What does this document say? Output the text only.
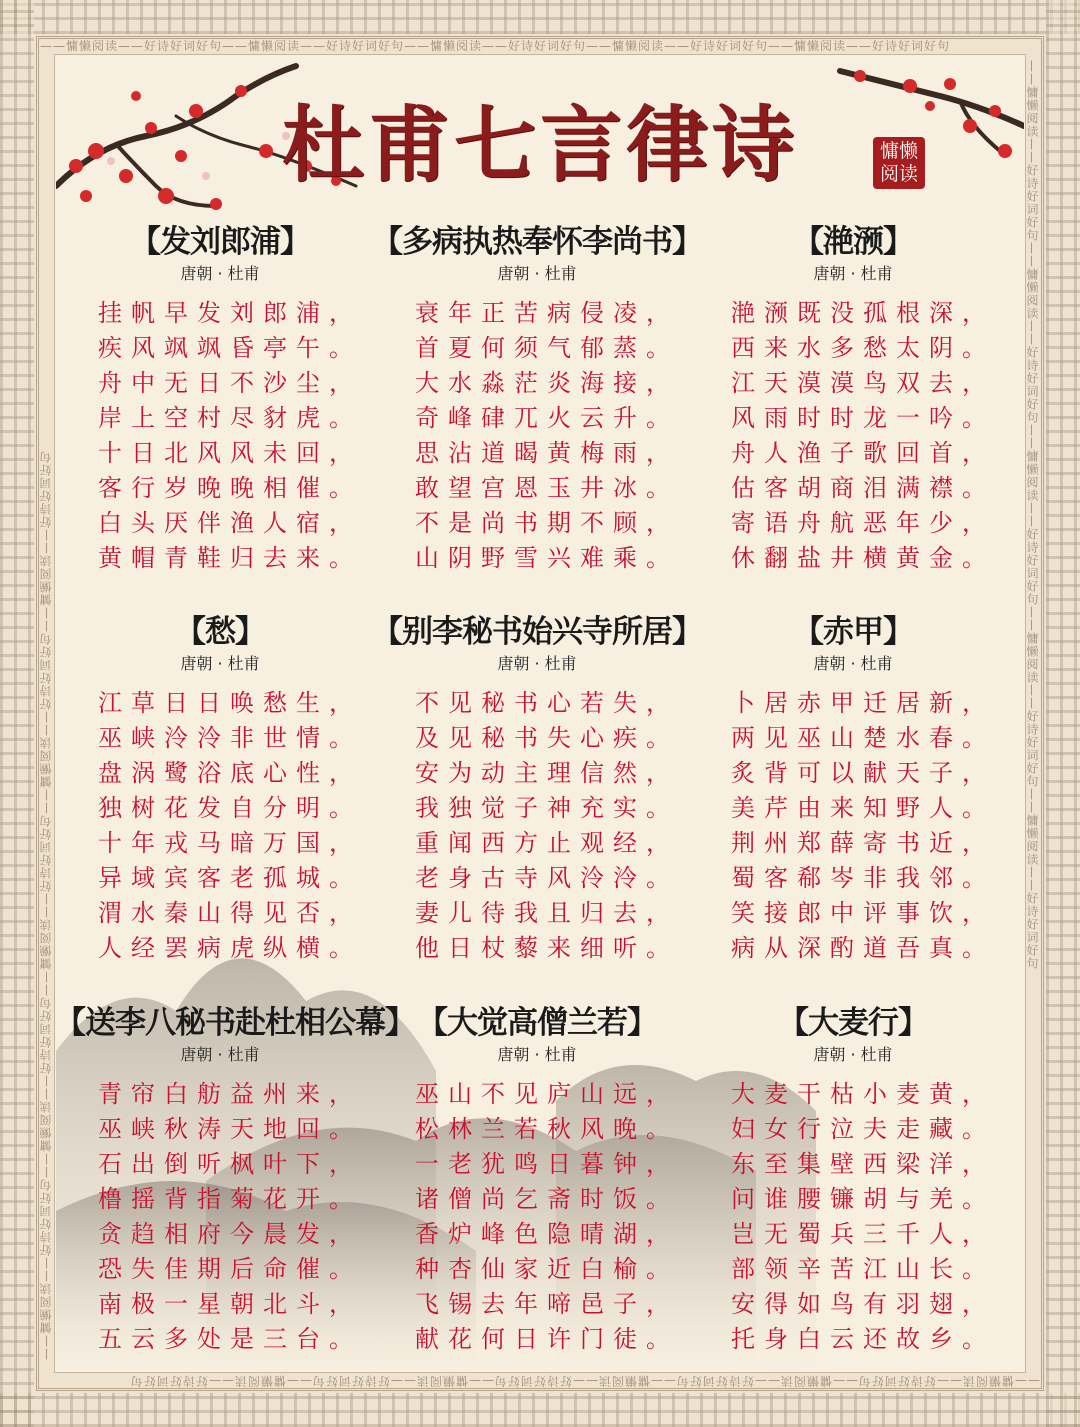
——慵懒阅读——好诗好词好句——慵懒阅读——好诗好词好句——慵懒阅读——好诗好词好句——慵懒阅读——好诗好词好句——慵懒阅读——好诗好词好句
——慵懒阅读——好诗好词好句——慵懒阅读——好诗好词好句——慵懒阅读——好诗好词好句——慵懒阅读——好诗好词好句——慵懒阅读——好诗好词好句
——慵懒阅读——好诗好词好句——慵懒阅读——好诗好词好句——慵懒阅读——好诗好词好句——慵懒阅读——好诗好词好句——慵懒阅读——好诗好词好句	——慵懒阅读——好诗好词好句——慵懒阅读——好诗好词好句——慵懒阅读——好诗好词好句——慵懒阅读——好诗好词好句——慵懒阅读——好诗好词好句
杜甫七言律诗	慵懒阅读
【发刘郎浦】
唐朝 · 杜甫
挂帆早发刘郎浦，
疾风飒飒昏亭午。
舟中无日不沙尘，
岸上空村尽豺虎。
十日北风风未回，
客行岁晚晚相催。
白头厌伴渔人宿，
黄帽青鞋归去来。
【多病执热奉怀李尚书】
唐朝 · 杜甫
衰年正苦病侵凌，
首夏何须气郁蒸。
大水淼茫炎海接，
奇峰硉兀火云升。
思沾道暍黄梅雨，
敢望宫恩玉井冰。
不是尚书期不顾，
山阴野雪兴难乘。
【滟滪】
唐朝 · 杜甫
滟滪既没孤根深，
西来水多愁太阴。
江天漠漠鸟双去，
风雨时时龙一吟。
舟人渔子歌回首，
估客胡商泪满襟。
寄语舟航恶年少，
休翻盐井横黄金。
【愁】
唐朝 · 杜甫
江草日日唤愁生，
巫峡泠泠非世情。
盘涡鹭浴底心性，
独树花发自分明。
十年戎马暗万国，
异域宾客老孤城。
渭水秦山得见否，
人经罢病虎纵横。
【别李秘书始兴寺所居】
唐朝 · 杜甫
不见秘书心若失，
及见秘书失心疾。
安为动主理信然，
我独觉子神充实。
重闻西方止观经，
老身古寺风泠泠。
妻儿待我且归去，
他日杖藜来细听。
【赤甲】
唐朝 · 杜甫
卜居赤甲迁居新，
两见巫山楚水春。
炙背可以献天子，
美芹由来知野人。
荆州郑薛寄书近，
蜀客郗岑非我邻。
笑接郎中评事饮，
病从深酌道吾真。
【送李八秘书赴杜相公幕】
唐朝 · 杜甫
青帘白舫益州来，
巫峡秋涛天地回。
石出倒听枫叶下，
橹摇背指菊花开。
贪趋相府今晨发，
恐失佳期后命催。
南极一星朝北斗，
五云多处是三台。
【大觉高僧兰若】
唐朝 · 杜甫
巫山不见庐山远，
松林兰若秋风晚。
一老犹鸣日暮钟，
诸僧尚乞斋时饭。
香炉峰色隐晴湖，
种杏仙家近白榆。
飞锡去年啼邑子，
献花何日许门徒。
【大麦行】
唐朝 · 杜甫
大麦干枯小麦黄，
妇女行泣夫走藏。
东至集壁西梁洋，
问谁腰镰胡与羌。
岂无蜀兵三千人，
部领辛苦江山长。
安得如鸟有羽翅，
托身白云还故乡。
